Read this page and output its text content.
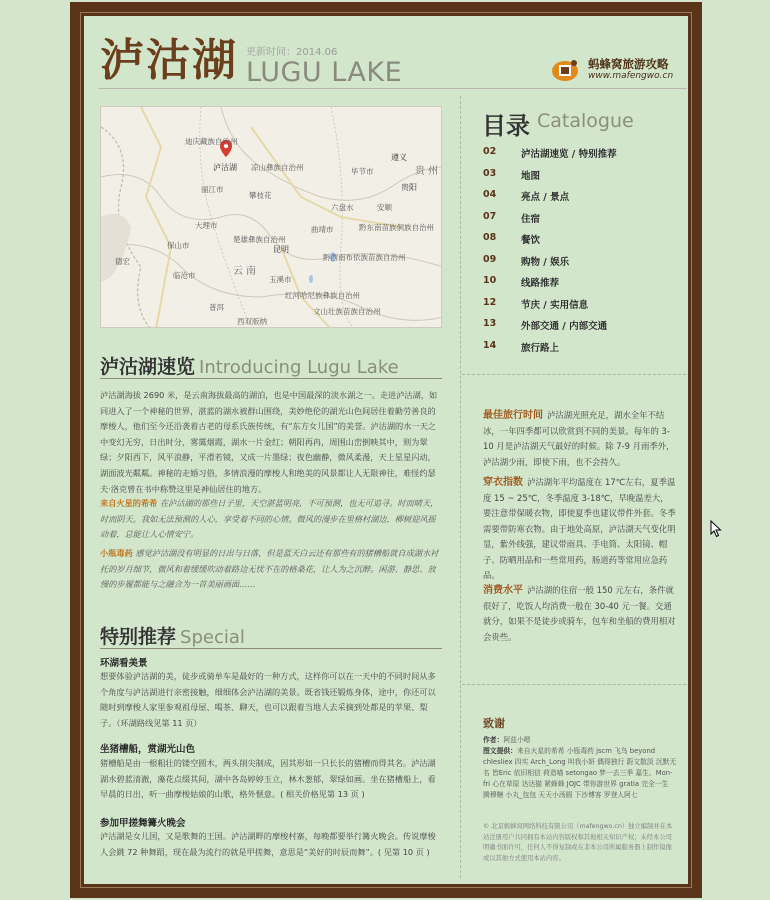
泸沽湖 更新时间：2014.06
LUGU LAKE	蚂蜂窝旅游攻略
www.mafengwo.cn
迪庆藏族自治州
泸沽湖 凉山彝族自治州
贵阳
遵义
毕节市	贵州
丽江市
攀枝花
大理市
楚雄彝族自治州
黔西南布依族苗族自治州
黔东南苗族侗族自治州
曲靖市
昆明
云南
保山市
临沧市
普洱
玉溪市
红河哈尼族彝族自治州
文山壮族苗族自治州
六盘水
西双版纳
德宏
安顺
泸沽湖速览 Introducing Lugu Lake
泸沽湖海拔 2690 米，是云南海拔最高的湖泊，也是中国最深的淡水湖之一。走进泸沽湖，如同进入了一个神秘的世界，湛蓝的湖水被群山围绕，美妙绝伦的湖光山色间居住着勤劳善良的摩梭人，他们至今还沿袭着古老的母系氏族传统，有“东方女儿国”的美誉。泸沽湖的水一天之中变幻无穷，日出时分，雾霭烟霞，湖水一片金红；朝阳再冉，周围山峦倒映其中，则为翠绿；夕阳西下，风平浪静，平滑若镜，又成一片墨绿；夜色幽静，微风柔漫，天上星星闪动，湖面波光粼粼。神秘的走婚习俗，多情浪漫的摩梭人和绝美的风景都让人无限神往，难怪约瑟夫·洛克曾在书中称赞这里是神仙居住的地方。
来自火星的希希 在泸沽湖的那些日子里，天空湛蓝明亮，不可预测，也无可追寻。时而晴天，时而阴天。我如无法预测的人心，享受着不同的心情。微风的漫步在里格村湖边，柳树迎风摇动着，总能让人心情安宁。
小瓶毒药 感觉泸沽湖没有明显的日出与日落，但是蓝天白云还有那些有的猪槽船就自成湖水衬托的岁月细节，微风和着缓缓吹动着路边无忧不在的格桑花，让人为之沉醉。闲游、静思、放慢的步履都能与之融合为一首美丽画面……
特别推荐 Special
环湖看美景
想要体验泸沽湖的美，徒步或骑单车是最好的一种方式，这样你可以在一天中的不同时间从多个角度与泸沽湖进行亲密接触，细细体会泸沽湖的美景。既省钱还锻炼身体，途中，你还可以随时到摩梭人家里参观祖母屋、喝茶、聊天，也可以跟着当地人去采摘到处都是的苹果、梨子。（环湖路线见第 11 页）
坐猪槽船，赏湖光山色
猪槽船是由一根粗壮的镂空圆木，两头削尖制成，因其形如一只长长的猪槽而得其名。泸沽湖湖水碧蓝清澈，藻花点缀其间，湖中各岛婷婷玉立，林木葱郁，翠绿如画。坐在猪槽船上，看早晨的日出，听一曲摩梭姑娘的山歌，格外惬意。( 相关价格见第 13 页 )
参加甲搓舞篝火晚会
泸沽湖是女儿国，又是歌舞的王国。泸沽湖畔的摩梭村寨，每晚都要举行篝火晚会。传说摩梭人会跳 72 种舞蹈，现在最为流行的就是甲搓舞，意思是“美好的时辰而舞”。( 见第 10 页 )
目录 Catalogue
02	泸沽湖速览 / 特别推荐
03	地图
04	亮点 / 景点
07	住宿
08	餐饮
09	购物 / 娱乐
10	线路推荐
12	节庆 / 实用信息
13	外部交通 / 内部交通
14	旅行路上
最佳旅行时间 泸沽湖光照充足，湖水全年不结冰，一年四季都可以欣赏到不同的美景。每年的 3-10 月是泸沽湖天气最好的时候。除 7-9 月雨季外，泸沽湖少雨，即使下雨，也不会持久。
穿衣指数 泸沽湖年平均温度在 17℃左右，夏季温度 15 ~ 25℃，冬季温度 3-18℃，早晚温差大，要注意带保暖衣物，即使夏季也建议带件外套。冬季需要带防寒衣物。由于地处高原，泸沽湖天气变化明显，紫外线强，建议带雨具、手电筒、太阳镜、帽子、防晒用品和一些常用药，肠道药等常用应急药品。
消费水平 泸沽湖的住宿一般 150 元左右，条件就很好了，吃饭人均消费一般在 30-40 元一餐。交通就分，如果不是徒步或骑车，包车和坐船的费用相对会贵些。
致谢
作者：阿兹小嗯
图文提供：来自火星的希希 小瓶毒药 jscm 飞鸟 beyond chlesliex 四实 Arch_Long 叫我小妍 偶得独行 蔚文散淡 沉默无名 皆Eric 依旧相信 荷造喵 setongao 梦一去三季 嘉生、Mon-fri 心在草原 达达猫 紧蜂蜂 JOJC 带你游世界 gratia 完全一生 腾穆糖 小丸_包包 天天小汤圆 下沙博客 罗登人阿七
© 北京蚂蜂窝网络科技有限公司（mafengwo.cn）独立编制并在本站注册用户共同拥有本站内容版权和其他相关知识产权；未经本公司明确书面许可，任何人不得复制或在非本公司所属服务器上制作镜像或以其他方式使用本站内容。
